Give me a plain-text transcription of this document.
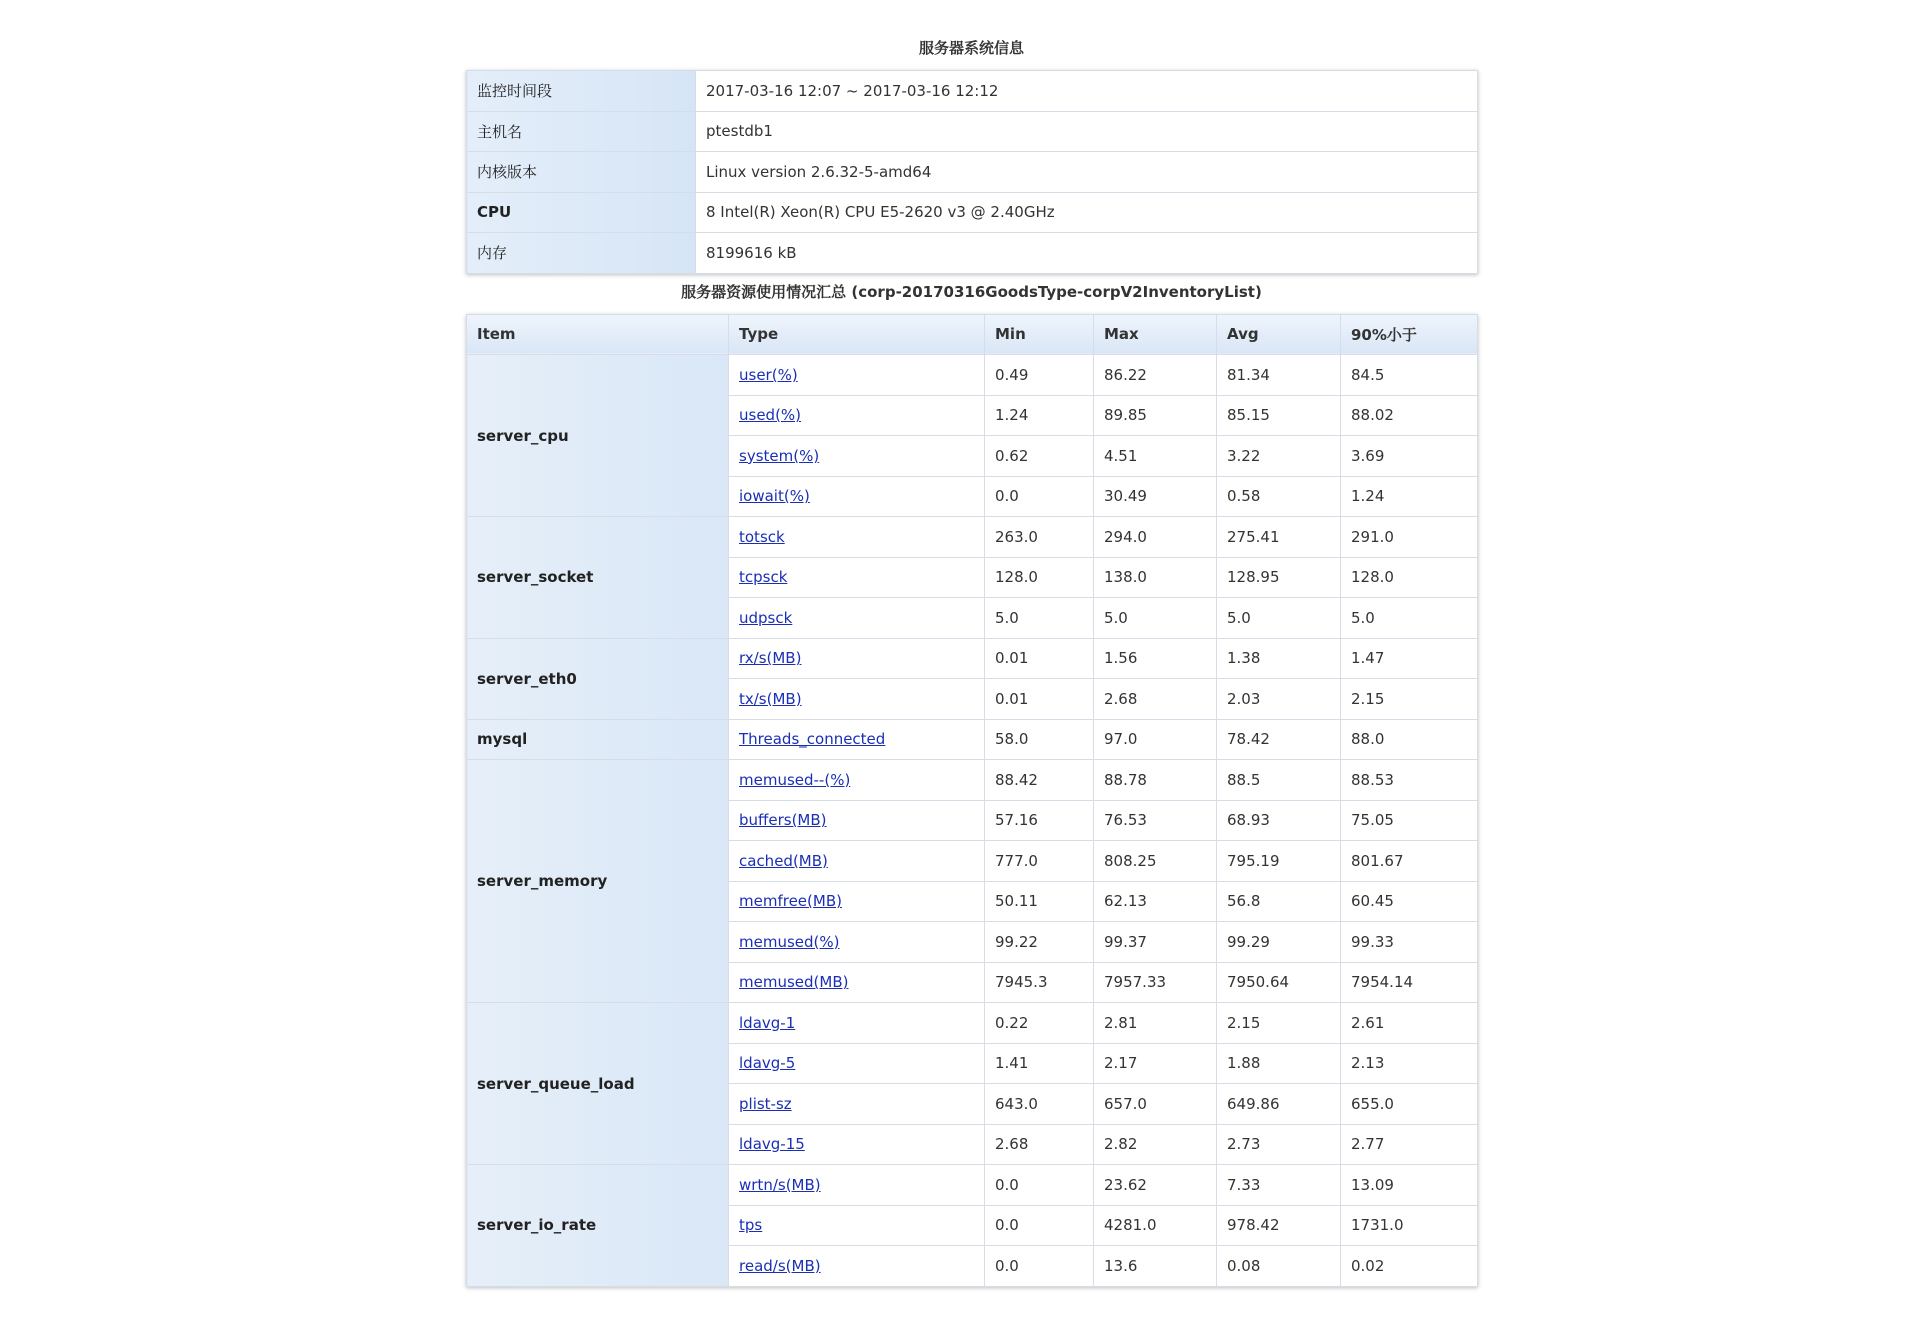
服务器系统信息
监控时间段	2017-03-16 12:07 ~ 2017-03-16 12:12
主机名	ptestdb1
内核版本	Linux version 2.6.32-5-amd64
CPU	8 Intel(R) Xeon(R) CPU E5-2620 v3 @ 2.40GHz
内存	8199616 kB
服务器资源使用情况汇总 (corp-20170316GoodsType-corpV2InventoryList)
Item	Type	Min	Max	Avg	90%小于
server_cpu	user(%)	0.49	86.22	81.34	84.5
	used(%)	1.24	89.85	85.15	88.02
	system(%)	0.62	4.51	3.22	3.69
	iowait(%)	0.0	30.49	0.58	1.24
server_socket	totsck	263.0	294.0	275.41	291.0
	tcpsck	128.0	138.0	128.95	128.0
	udpsck	5.0	5.0	5.0	5.0
server_eth0	rx/s(MB)	0.01	1.56	1.38	1.47
	tx/s(MB)	0.01	2.68	2.03	2.15
mysql	Threads_connected	58.0	97.0	78.42	88.0
server_memory	memused--(%)	88.42	88.78	88.5	88.53
	buffers(MB)	57.16	76.53	68.93	75.05
	cached(MB)	777.0	808.25	795.19	801.67
	memfree(MB)	50.11	62.13	56.8	60.45
	memused(%)	99.22	99.37	99.29	99.33
	memused(MB)	7945.3	7957.33	7950.64	7954.14
server_queue_load	ldavg-1	0.22	2.81	2.15	2.61
	ldavg-5	1.41	2.17	1.88	2.13
	plist-sz	643.0	657.0	649.86	655.0
	ldavg-15	2.68	2.82	2.73	2.77
server_io_rate	wrtn/s(MB)	0.0	23.62	7.33	13.09
	tps	0.0	4281.0	978.42	1731.0
	read/s(MB)	0.0	13.6	0.08	0.02
